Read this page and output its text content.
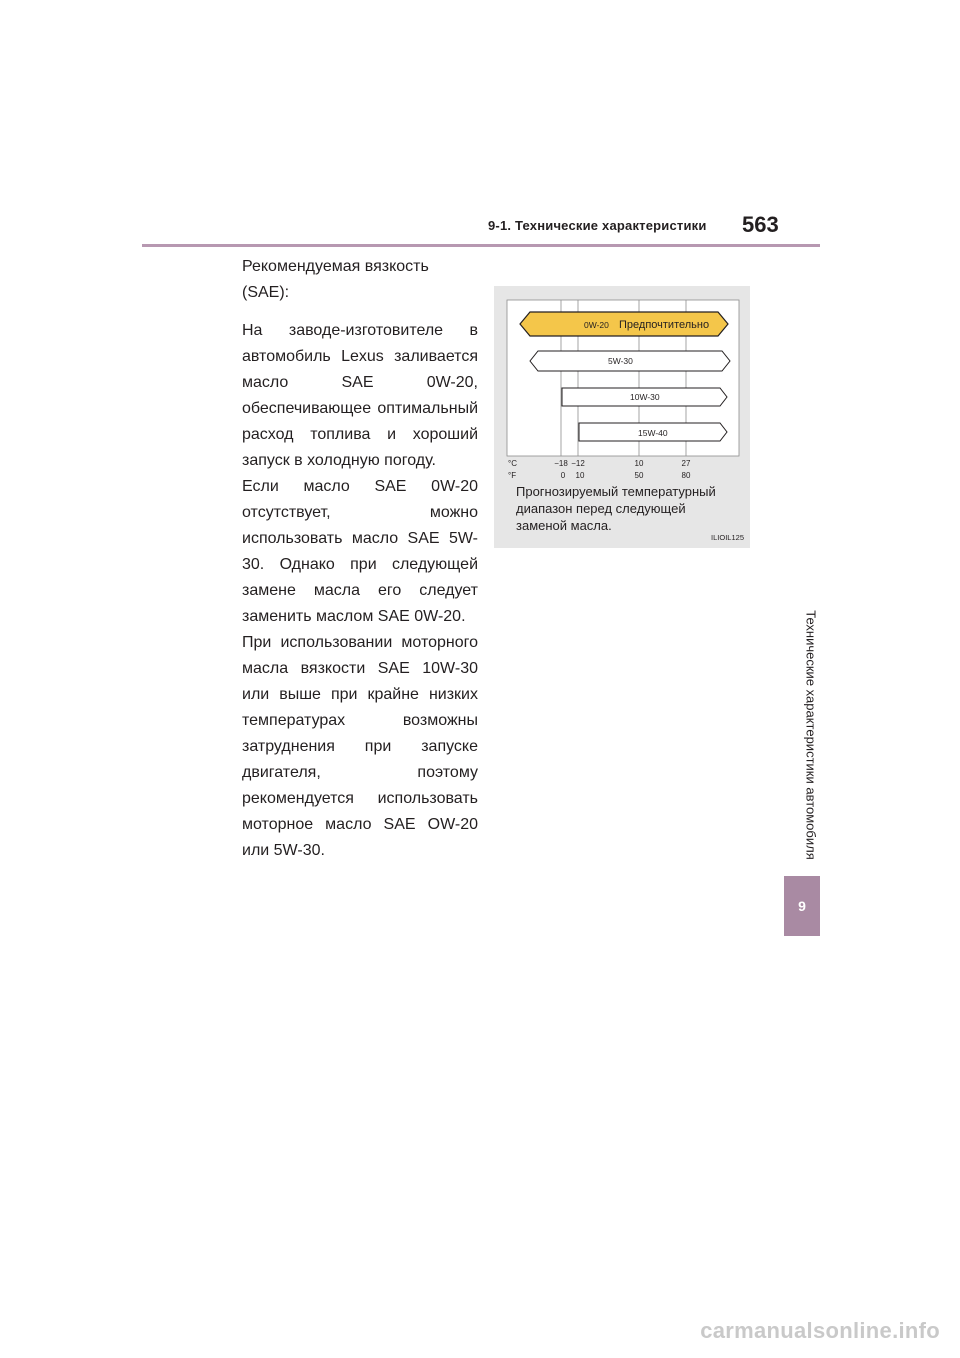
9-1. Технические характеристики 563
Технические характеристики автомобиля
9

Рекомендуемая вязкость (SAE):

На заводе-изготовителе в автомобиль Lexus заливается масло SAE 0W-20, обеспечивающее оптимальный расход топлива и хороший запуск в холодную погоду.

Если масло SAE 0W-20 отсутствует, можно использовать масло SAE 5W-30. Однако при следующей замене масла его следует заменить маслом SAE 0W-20.

При использовании моторного масла вязкости SAE 10W-30 или выше при крайне низких температурах возможны затруднения при запуске двигателя, поэтому рекомендуется использовать моторное масло SAE OW-20 или 5W-30.

0W-20 Предпочтительно
5W-30
10W-30
15W-40
°C
°F
−18 −12	10	27
0 10	50	80
Прогнозируемый температурный диапазон перед следующей заменой масла.
ILIOIL125
carmanualsonline.info
